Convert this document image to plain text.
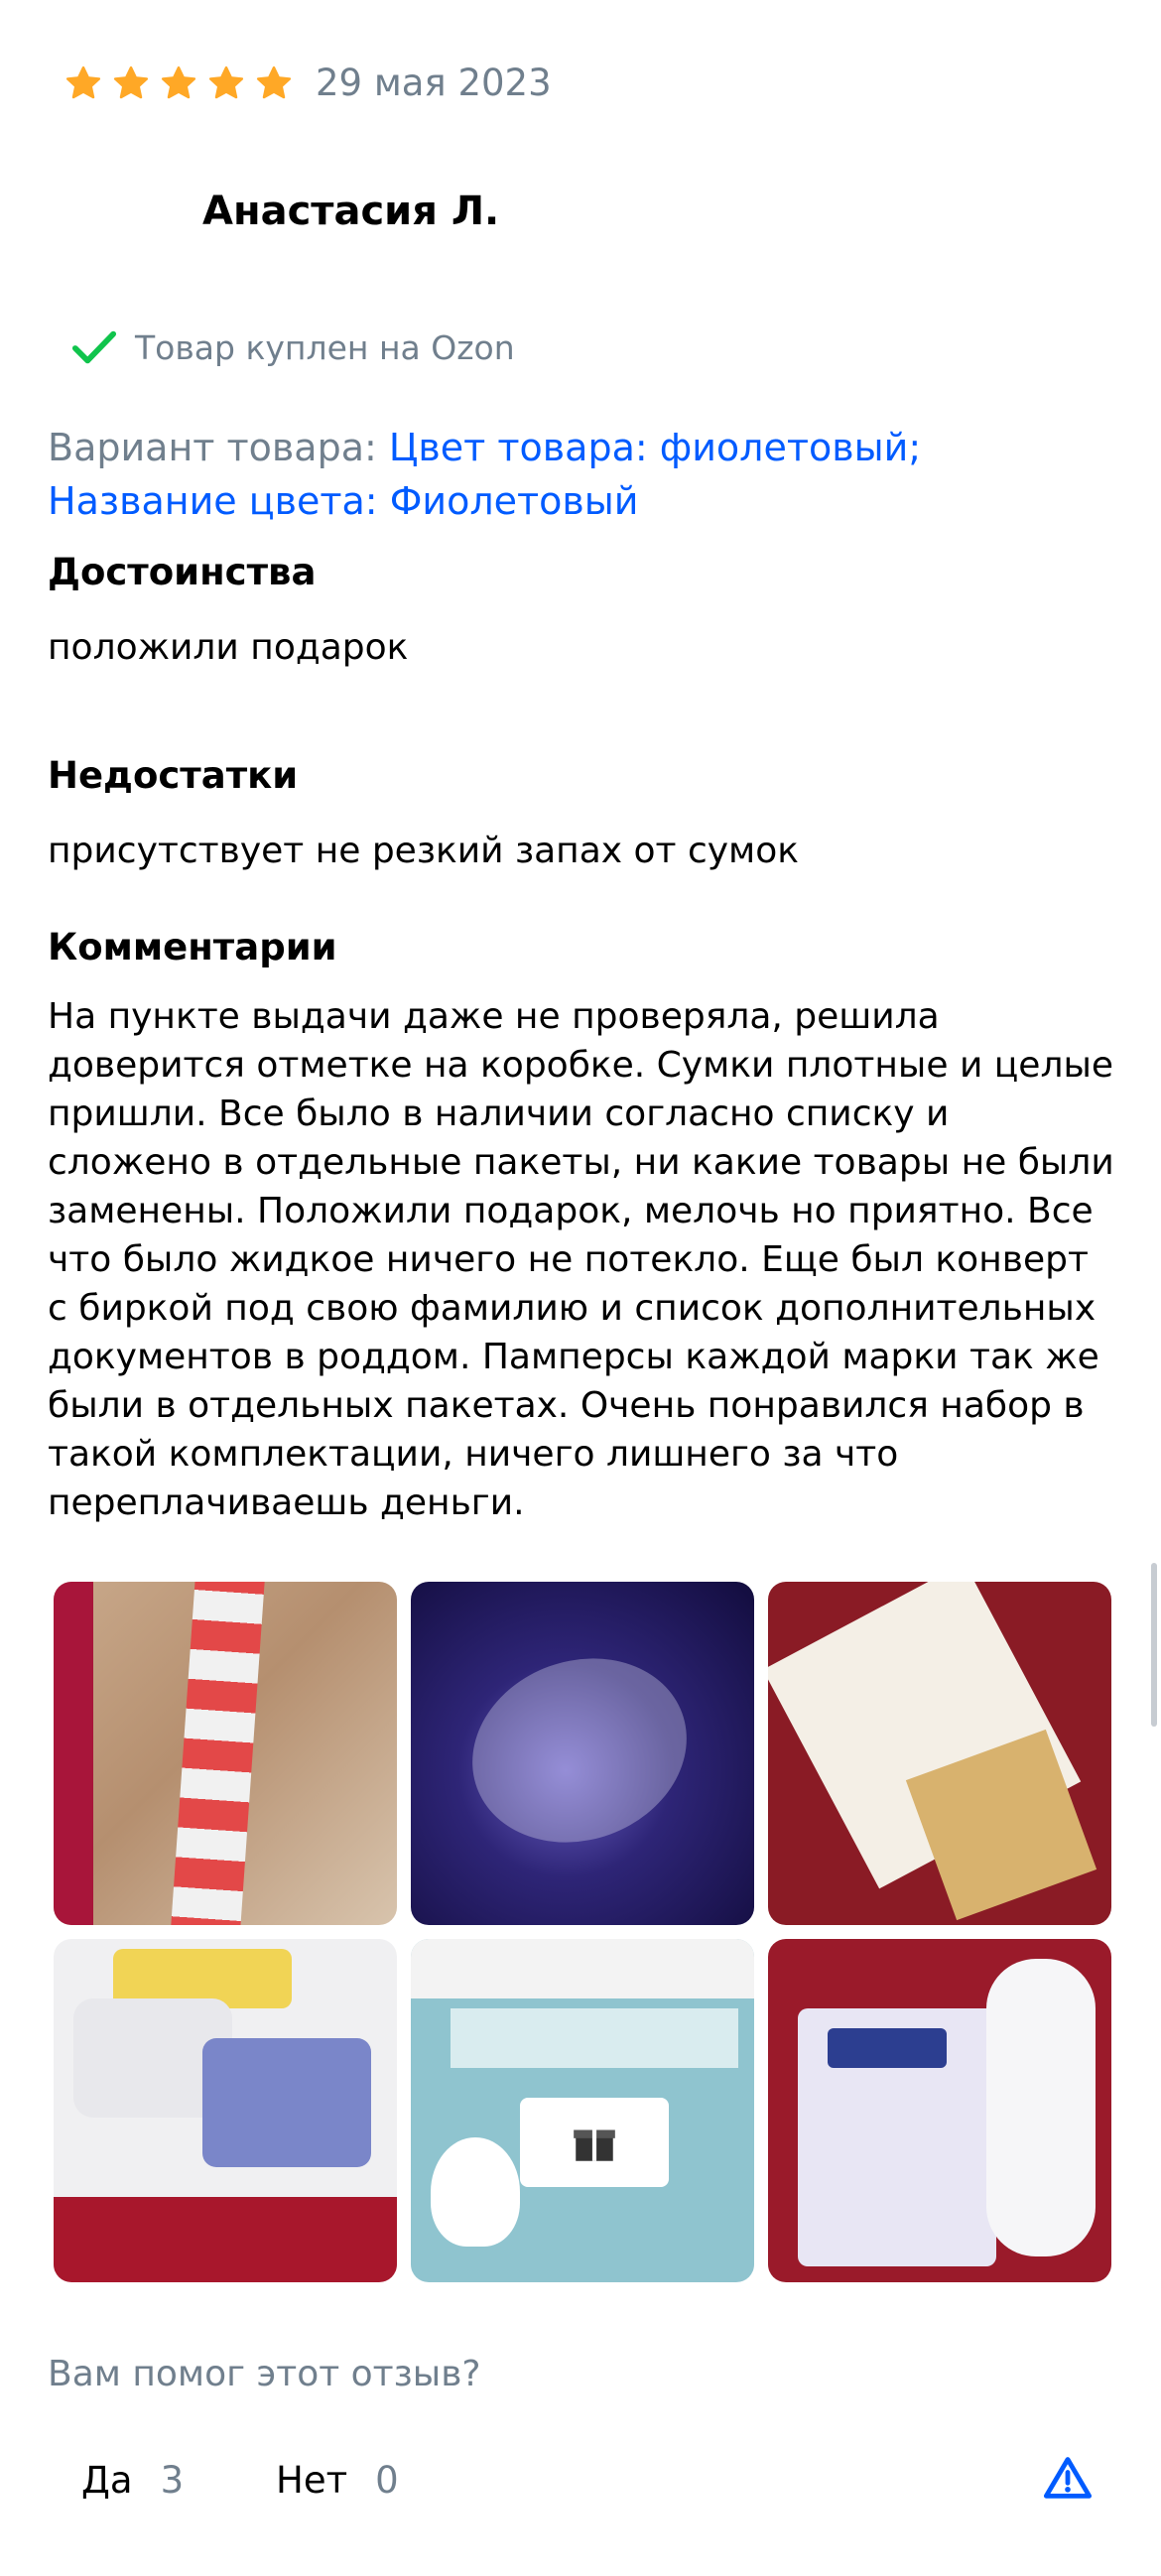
29 мая 2023
Анастасия Л.
Товар куплен на Ozon
Вариант товара: Цвет товара: фиолетовый; Название цвета: Фиолетовый
Достоинства
положили подарок
Недостатки
присутствует не резкий запах от сумок
Комментарии
На пункте выдачи даже не проверяла, решила доверится отметке на коробке. Сумки плотные и целые пришли. Все было в наличии согласно списку и сложено в отдельные пакеты, ни какие товары не были заменены. Положили подарок, мелочь но приятно. Все что было жидкое ничего не потекло. Еще был конверт с биркой под свою фамилию и список дополнительных документов в роддом. Памперсы каждой марки так же были в отдельных пакетах. Очень понравился набор в такой комплектации, ничего лишнего за что переплачиваешь деньги.
Вам помог этот отзыв?
Да 3	Нет 0
